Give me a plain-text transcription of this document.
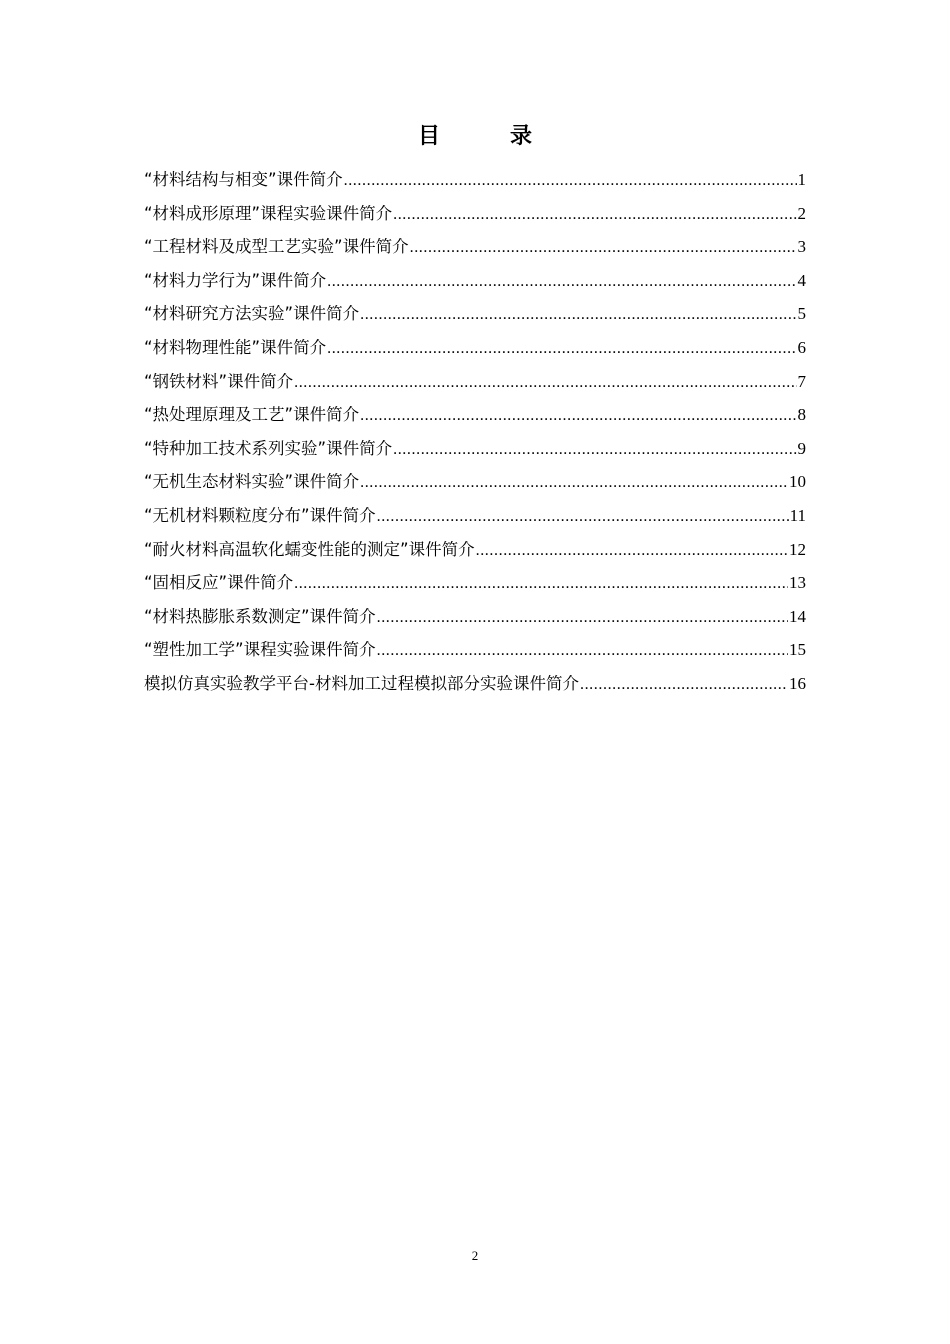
目　录
“材料结构与相变”课件简介 .....	1
“材料成形原理”课程实验课件简介 .....	2
“工程材料及成型工艺实验”课件简介 .....	3
“材料力学行为”课件简介 .....	4
“材料研究方法实验”课件简介 .....	5
“材料物理性能”课件简介 .....	6
“钢铁材料”课件简介 .....	7
“热处理原理及工艺”课件简介 .....	8
“特种加工技术系列实验”课件简介 .....	9
“无机生态材料实验”课件简介 .....	10
“无机材料颗粒度分布”课件简介 .....	11
“耐火材料高温软化蠕变性能的测定”课件简介 .....	12
“固相反应”课件简介 .....	13
“材料热膨胀系数测定”课件简介 .....	14
“塑性加工学”课程实验课件简介 .....	15
模拟仿真实验教学平台-材料加工过程模拟部分实验课件简介 .....	16
2
